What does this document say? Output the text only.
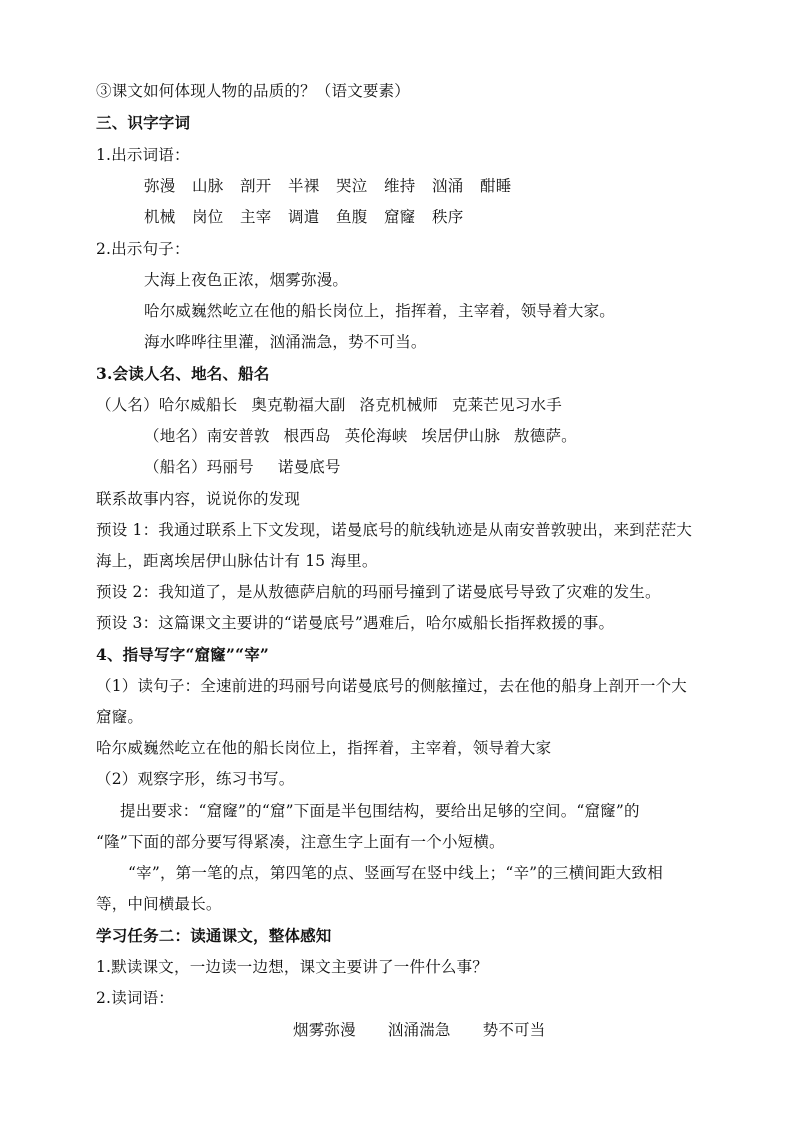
③课文如何体现人物的品质的？（语文要素）
三、识字字词
1.出示词语：
弥漫 山脉 剖开 半裸 哭泣 维持 汹涌 酣睡
机械 岗位 主宰 调遣 鱼腹 窟窿 秩序
2.出示句子：
大海上夜色正浓，烟雾弥漫。
哈尔威巍然屹立在他的船长岗位上，指挥着，主宰着，领导着大家。
海水哗哗往里灌，汹涌湍急，势不可当。
3.会读人名、地名、船名
（人名）哈尔威船长 奥克勒福大副 洛克机械师 克莱芒见习水手
（地名）南安普敦 根西岛 英伦海峡 埃居伊山脉 敖德萨。
（船名）玛丽号 诺曼底号
联系故事内容，说说你的发现
预设 1：我通过联系上下文发现，诺曼底号的航线轨迹是从南安普敦驶出，来到茫茫大
海上，距离埃居伊山脉估计有 15 海里。
预设 2：我知道了，是从敖德萨启航的玛丽号撞到了诺曼底号导致了灾难的发生。
预设 3：这篇课文主要讲的“诺曼底号”遇难后，哈尔威船长指挥救援的事。
4、指导写字“窟窿”“宰”
（1）读句子：全速前进的玛丽号向诺曼底号的侧舷撞过，去在他的船身上剖开一个大
窟窿。
哈尔威巍然屹立在他的船长岗位上，指挥着，主宰着，领导着大家
（2）观察字形，练习书写。
提出要求：“窟窿”的“窟”下面是半包围结构，要给出足够的空间。“窟窿”的
“隆”下面的部分要写得紧凑，注意生字上面有一个小短横。
“宰”，第一笔的点，第四笔的点、竖画写在竖中线上；“辛”的三横间距大致相
等，中间横最长。
学习任务二：读通课文，整体感知
1.默读课文，一边读一边想，课文主要讲了一件什么事？
2.读词语：
烟雾弥漫 汹涌湍急 势不可当
